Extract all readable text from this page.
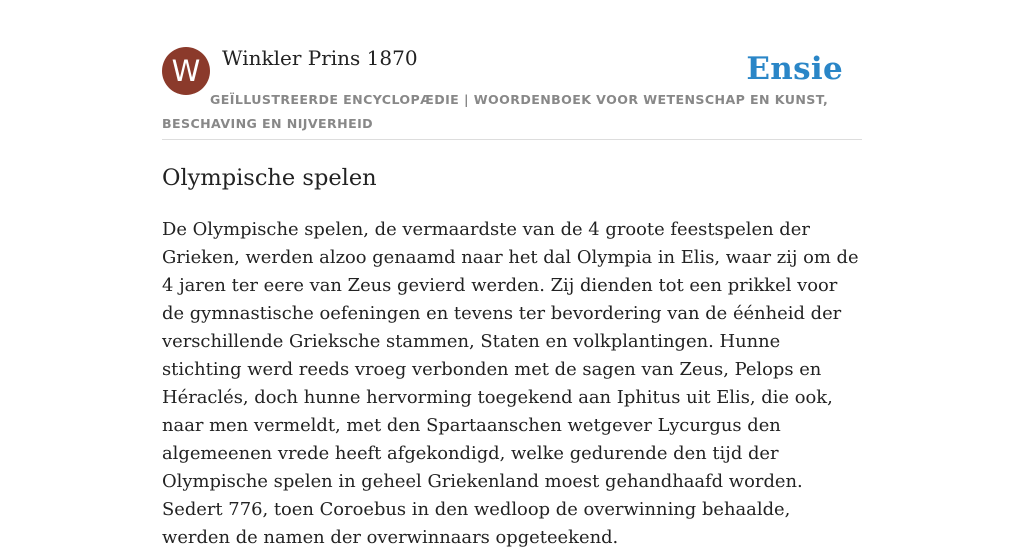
W	Winkler Prins 1870	Ensie
GEÏLLUSTREERDE ENCYCLOPÆDIE | WOORDENBOEK VOOR WETENSCHAP EN KUNST, BESCHAVING EN NIJVERHEID
Olympische spelen

De Olympische spelen, de vermaardste van de 4 groote feestspelen der Grieken, werden alzoo genaamd naar het dal Olympia in Elis, waar zij om de 4 jaren ter eere van Zeus gevierd werden. Zij dienden tot een prikkel voor de gymnastische oefeningen en tevens ter bevordering van de éénheid der verschillende Grieksche stammen, Staten en volkplantingen. Hunne stichting werd reeds vroeg verbonden met de sagen van Zeus, Pelops en Héraclés, doch hunne hervorming toegekend aan Iphitus uit Elis, die ook, naar men vermeldt, met den Spartaanschen wetgever Lycurgus den algemeenen vrede heeft afgekondigd, welke gedurende den tijd der Olympische spelen in geheel Griekenland moest gehandhaafd worden. Sedert 776, toen Coroebus in den wedloop de overwinning behaalde, werden de namen der overwinnaars opgeteekend.
